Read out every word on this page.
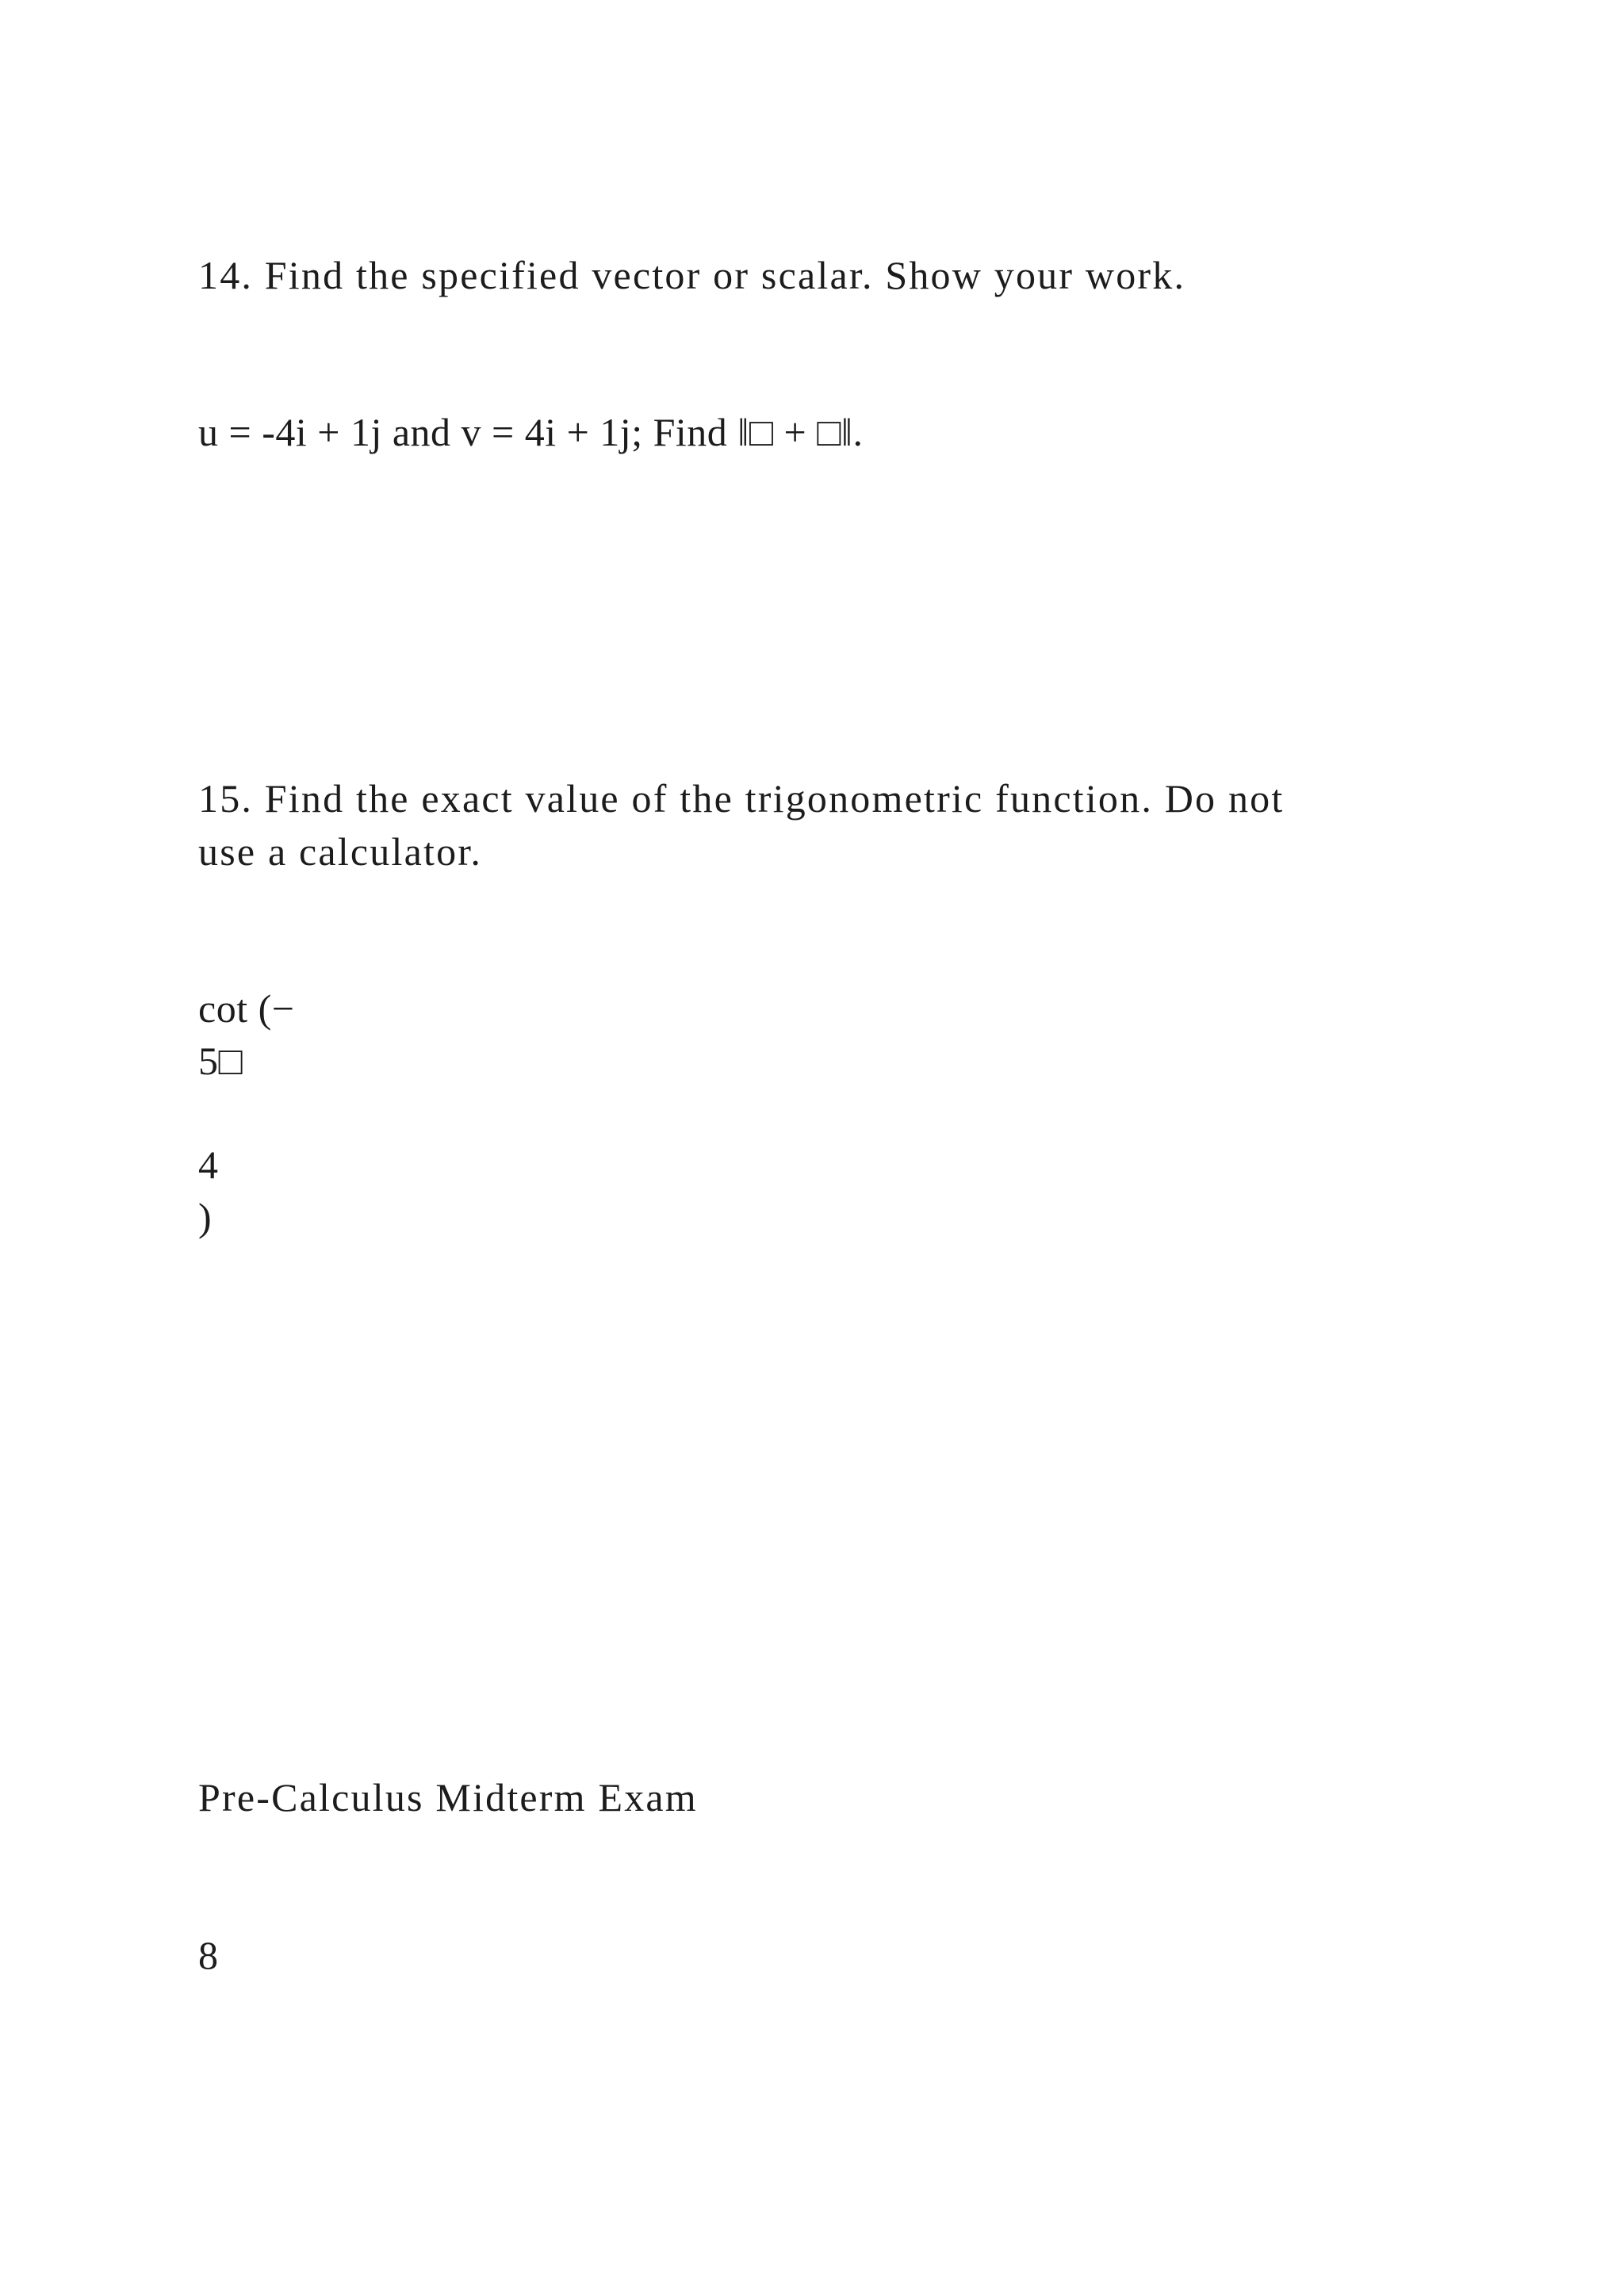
14. Find the specified vector or scalar. Show your work.

u = -4i + 1j and v = 4i + 1j; Find ‖□ + □‖.

15. Find the exact value of the trigonometric function. Do not

use a calculator.

cot (−

5□

4

)

Pre-Calculus Midterm Exam

8
